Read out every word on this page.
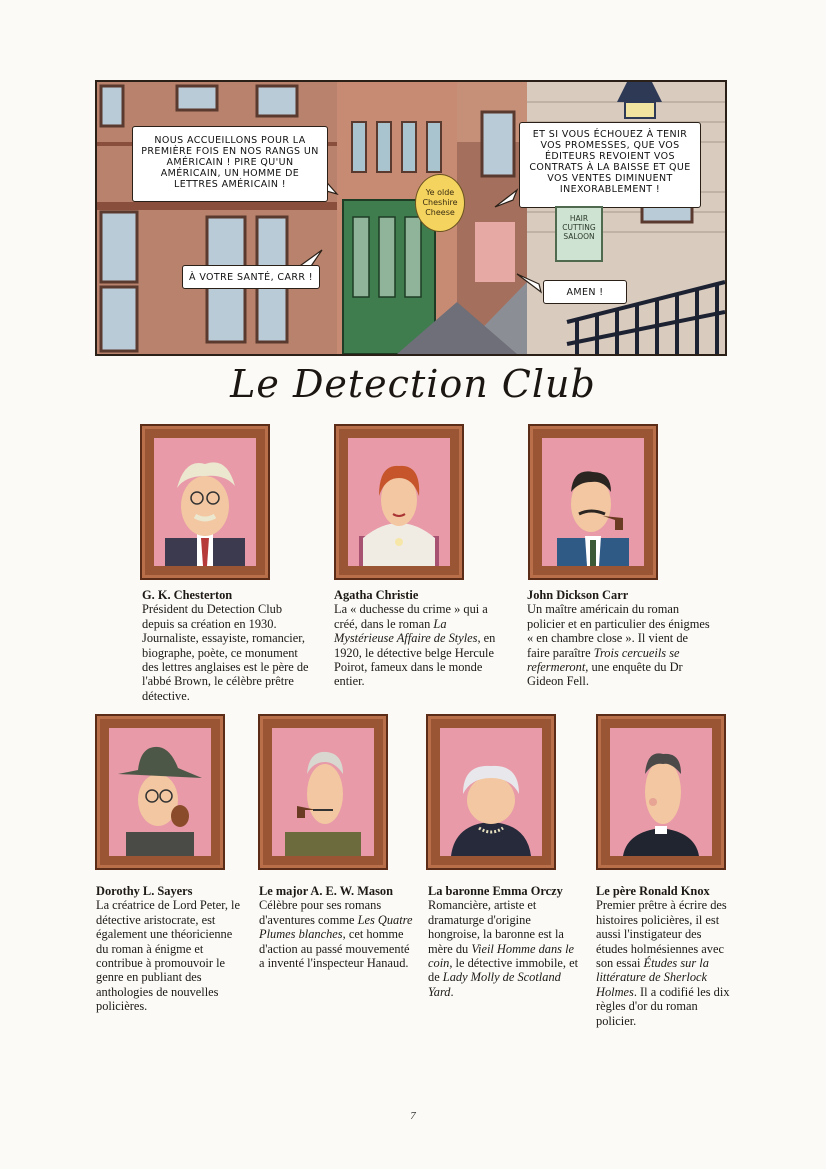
NOUS ACCUEILLONS POUR LA PREMIÈRE FOIS EN NOS RANGS UN AMÉRICAIN ! PIRE QU'UN AMÉRICAIN, UN HOMME DE LETTRES AMÉRICAIN !
À VOTRE SANTÉ, CARR !
ET SI VOUS ÉCHOUEZ À TENIR VOS PROMESSES, QUE VOS ÉDITEURS REVOIENT VOS CONTRATS À LA BAISSE ET QUE VOS VENTES DIMINUENT INEXORABLEMENT !
AMEN !
Ye olde Cheshire Cheese
HAIR
CUTTING
SALOON
Le Detection Club
G. K. Chesterton
Président du Detection Club depuis sa création en 1930. Journaliste, essayiste, romancier, biographe, poète, ce monument des lettres anglaises est le père de l'abbé Brown, le célèbre prêtre détective.
Agatha Christie
La « duchesse du crime » qui a créé, dans le roman La Mystérieuse Affaire de Styles, en 1920, le détective belge Hercule Poirot, fameux dans le monde entier.
John Dickson Carr
Un maître américain du roman policier et en particulier des énigmes « en chambre close ». Il vient de faire paraître Trois cercueils se refermeront, une enquête du Dr Gideon Fell.
Dorothy L. Sayers
La créatrice de Lord Peter, le détective aristocrate, est également une théoricienne du roman à énigme et contribue à promouvoir le genre en publiant des anthologies de nouvelles policières.
Le major A. E. W. Mason
Célèbre pour ses romans d'aventures comme Les Quatre Plumes blanches, cet homme d'action au passé mouvementé a inventé l'inspecteur Hanaud.
La baronne Emma Orczy
Romancière, artiste et dramaturge d'origine hongroise, la baronne est la mère du Vieil Homme dans le coin, le détective immobile, et de Lady Molly de Scotland Yard.
Le père Ronald Knox
Premier prêtre à écrire des histoires policières, il est aussi l'instigateur des études holmésiennes avec son essai Études sur la littérature de Sherlock Holmes. Il a codifié les dix règles d'or du roman policier.
7
